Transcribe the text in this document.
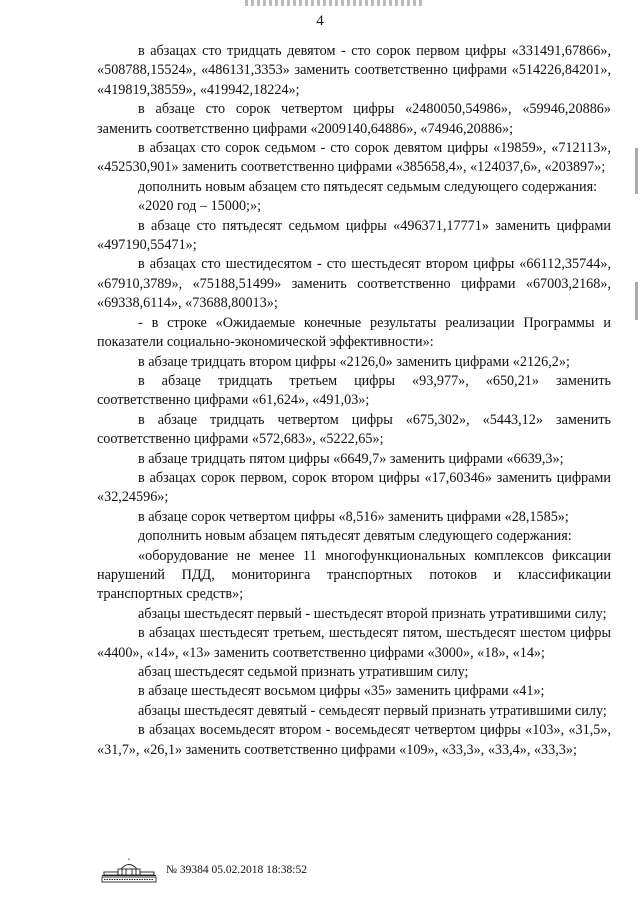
4

в абзацах сто тридцать девятом - сто сорок первом цифры «331491,67866», «508788,15524», «486131,3353» заменить соответственно цифрами «514226,84201», «419819,38559», «419942,18224»;

в абзаце сто сорок четвертом цифры «2480050,54986», «59946,20886» заменить соответственно цифрами «2009140,64886», «74946,20886»;

в абзацах сто сорок седьмом - сто сорок девятом цифры «19859», «712113», «452530,901» заменить соответственно цифрами «385658,4», «124037,6», «203897»;

дополнить новым абзацем сто пятьдесят седьмым следующего содержания:

«2020 год – 15000;»;

в абзаце сто пятьдесят седьмом цифры «496371,17771» заменить цифрами «497190,55471»;

в абзацах сто шестидесятом - сто шестьдесят втором цифры «66112,35744», «67910,3789», «75188,51499» заменить соответственно цифрами «67003,2168», «69338,6114», «73688,80013»;

- в строке «Ожидаемые конечные результаты реализации Программы и показатели социально-экономической эффективности»:

в абзаце тридцать втором цифры «2126,0» заменить цифрами «2126,2»;

в абзаце тридцать третьем цифры «93,977», «650,21» заменить соответственно цифрами «61,624», «491,03»;

в абзаце тридцать четвертом цифры «675,302», «5443,12» заменить соответственно цифрами «572,683», «5222,65»;

в абзаце тридцать пятом цифры «6649,7» заменить цифрами «6639,3»;

в абзацах сорок первом, сорок втором цифры «17,60346» заменить цифрами «32,24596»;

в абзаце сорок четвертом цифры «8,516» заменить цифрами «28,1585»;

дополнить новым абзацем пятьдесят девятым следующего содержания:

«оборудование не менее 11 многофункциональных комплексов фиксации нарушений ПДД, мониторинга транспортных потоков и классификации транспортных средств»;

абзацы шестьдесят первый - шестьдесят второй признать утратившими силу;

в абзацах шестьдесят третьем, шестьдесят пятом, шестьдесят шестом цифры «4400», «14», «13» заменить соответственно цифрами «3000», «18», «14»;

абзац шестьдесят седьмой признать утратившим силу;

в абзаце шестьдесят восьмом цифры «35» заменить цифрами «41»;

абзацы шестьдесят девятый - семьдесят первый признать утратившими силу;

в абзацах восемьдесят втором - восемьдесят четвертом цифры «103», «31,5», «31,7», «26,1» заменить соответственно цифрами «109», «33,3», «33,4», «33,3»;

№ 39384 05.02.2018 18:38:52
